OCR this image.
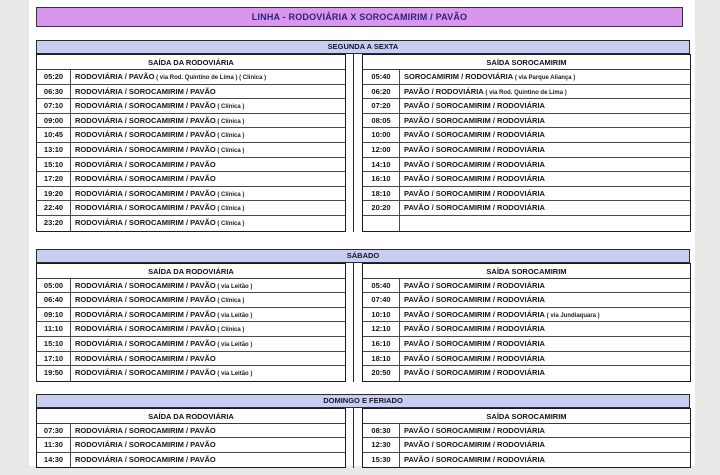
LINHA - RODOVIÁRIA X SOROCAMIRIM / PAVÃO
SEGUNDA A SEXTA
SAÍDA DA RODOVIÁRIA
05:20	RODOVIÁRIA / PAVÃO ( via Rod. Quintino de Lima ) ( Clínica )
06:30	RODOVIÁRIA / SOROCAMIRIM / PAVÃO
07:10	RODOVIÁRIA / SOROCAMIRIM / PAVÃO ( Clínica )
09:00	RODOVIÁRIA / SOROCAMIRIM / PAVÃO ( Clínica )
10:45	RODOVIÁRIA / SOROCAMIRIM / PAVÃO ( Clínica )
13:10	RODOVIÁRIA / SOROCAMIRIM / PAVÃO ( Clínica )
15:10	RODOVIÁRIA / SOROCAMIRIM / PAVÃO
17:20	RODOVIÁRIA / SOROCAMIRIM / PAVÃO
19:20	RODOVIÁRIA / SOROCAMIRIM / PAVÃO ( Clínica )
22:40	RODOVIÁRIA / SOROCAMIRIM / PAVÃO ( Clínica )
23:20	RODOVIÁRIA / SOROCAMIRIM / PAVÃO ( Clínica )
SAÍDA SOROCAMIRIM
05:40	SOROCAMIRIM / RODOVIÁRIA ( via Parque Aliança )
06:20	PAVÃO / RODOVIÁRIA ( via Rod. Quintino de Lima )
07:20	PAVÃO / SOROCAMIRIM / RODOVIÁRIA
08:05	PAVÃO / SOROCAMIRIM / RODOVIÁRIA
10:00	PAVÃO / SOROCAMIRIM / RODOVIÁRIA
12:00	PAVÃO / SOROCAMIRIM / RODOVIÁRIA
14:10	PAVÃO / SOROCAMIRIM / RODOVIÁRIA
16:10	PAVÃO / SOROCAMIRIM / RODOVIÁRIA
18:10	PAVÃO / SOROCAMIRIM / RODOVIÁRIA
20:20	PAVÃO / SOROCAMIRIM / RODOVIÁRIA
SÁBADO
SAÍDA DA RODOVIÁRIA
05:00	RODOVIÁRIA / SOROCAMIRIM / PAVÃO ( via Leitão )
06:40	RODOVIÁRIA / SOROCAMIRIM / PAVÃO ( Clínica )
09:10	RODOVIÁRIA / SOROCAMIRIM / PAVÃO ( via Leitão )
11:10	RODOVIÁRIA / SOROCAMIRIM / PAVÃO ( Clínica )
15:10	RODOVIÁRIA / SOROCAMIRIM / PAVÃO ( via Leitão )
17:10	RODOVIÁRIA / SOROCAMIRIM / PAVÃO
19:50	RODOVIÁRIA / SOROCAMIRIM / PAVÃO ( via Leitão )
SAÍDA SOROCAMIRIM
05:40	PAVÃO / SOROCAMIRIM / RODOVIÁRIA
07:40	PAVÃO / SOROCAMIRIM / RODOVIÁRIA
10:10	PAVÃO / SOROCAMIRIM / RODOVIÁRIA ( via Jundiaquara )
12:10	PAVÃO / SOROCAMIRIM / RODOVIÁRIA
16:10	PAVÃO / SOROCAMIRIM / RODOVIÁRIA
18:10	PAVÃO / SOROCAMIRIM / RODOVIÁRIA
20:50	PAVÃO / SOROCAMIRIM / RODOVIÁRIA
DOMINGO E FERIADO
SAÍDA DA RODOVIÁRIA
07:30	RODOVIÁRIA / SOROCAMIRIM / PAVÃO
11:30	RODOVIÁRIA / SOROCAMIRIM / PAVÃO
14:30	RODOVIÁRIA / SOROCAMIRIM / PAVÃO
SAÍDA SOROCAMIRIM
08:30	PAVÃO / SOROCAMIRIM / RODOVIÁRIA
12:30	PAVÃO / SOROCAMIRIM / RODOVIÁRIA
15:30	PAVÃO / SOROCAMIRIM / RODOVIÁRIA
